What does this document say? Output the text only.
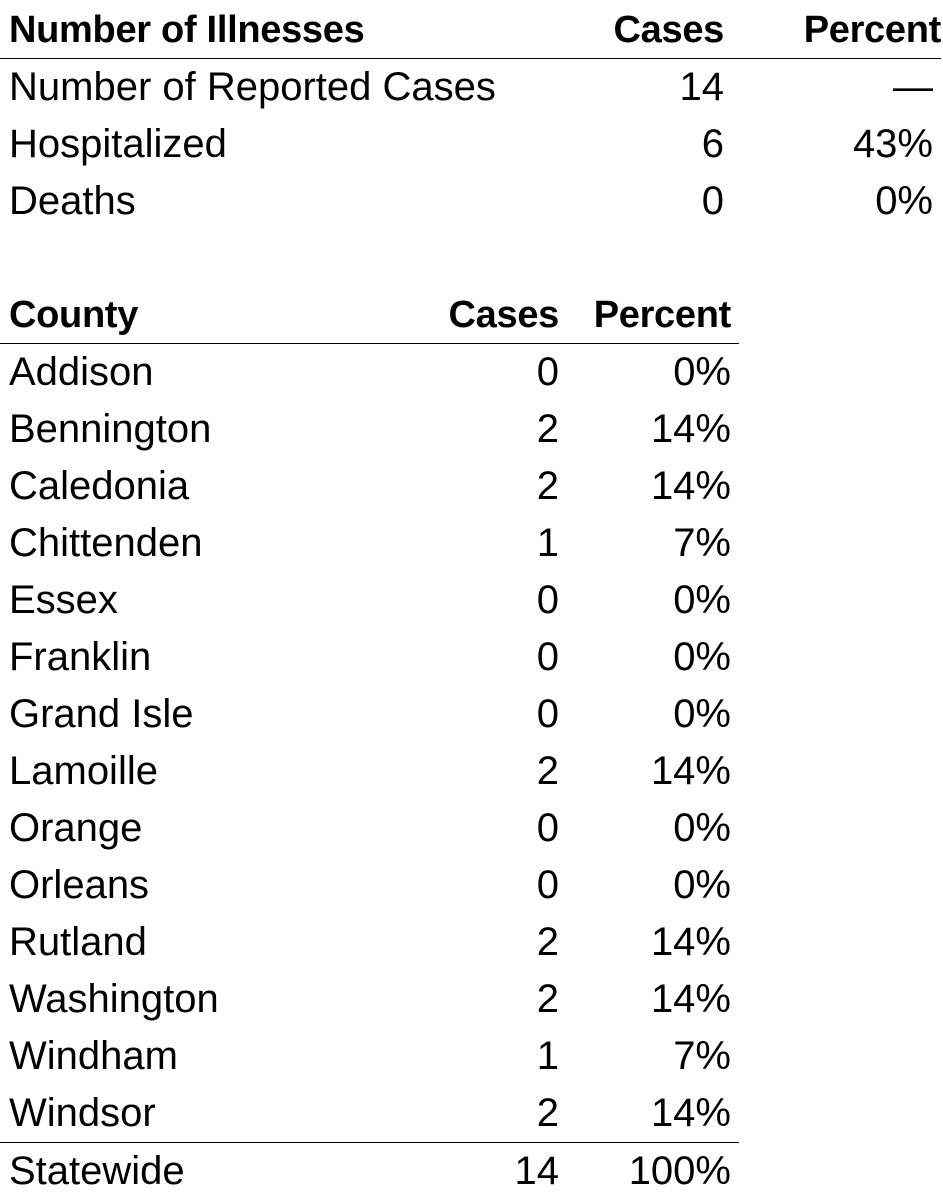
Number of Illnesses	Cases	Percent
Number of Reported Cases	14	—
Hospitalized	6	43%
Deaths	0	0%
County	Cases	Percent
Addison	0	0%
Bennington	2	14%
Caledonia	2	14%
Chittenden	1	7%
Essex	0	0%
Franklin	0	0%
Grand Isle	0	0%
Lamoille	2	14%
Orange	0	0%
Orleans	0	0%
Rutland	2	14%
Washington	2	14%
Windham	1	7%
Windsor	2	14%
Statewide	14	100%
